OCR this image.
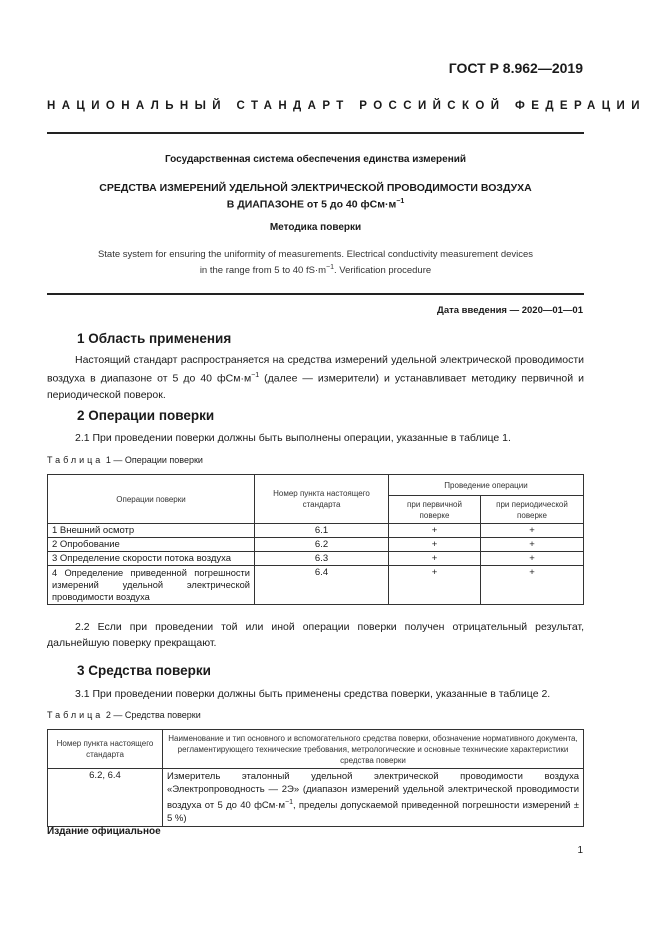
ГОСТ Р 8.962—2019
НАЦИОНАЛЬНЫЙ СТАНДАРТ РОССИЙСКОЙ ФЕДЕРАЦИИ
Государственная система обеспечения единства измерений
СРЕДСТВА ИЗМЕРЕНИЙ УДЕЛЬНОЙ ЭЛЕКТРИЧЕСКОЙ ПРОВОДИМОСТИ ВОЗДУХА
В ДИАПАЗОНЕ от 5 до 40 $фСм\cdot м^{-1}$
Методика поверки
State system for ensuring the uniformity of measurements. Electrical conductivity measurement devices
in the range from 5 to 40 $fS\cdot m^{-1}$. Verification procedure
Дата введения — 2020—01—01
1 Область применения
Настоящий стандарт распространяется на средства измерений удельной электрической проводимости воздуха в диапазоне от 5 до 40 $фСм\cdot м^{-1}$ (далее — измерители) и устанавливает методику первичной и периодической поверок.
2 Операции поверки
2.1 При проведении поверки должны быть выполнены операции, указанные в таблице 1.
Таблица 1 — Операции поверки
Операции поверки	Номер пункта настоящего стандарта	Проведение операции	
		при первичной поверке	при периодической поверке
1 Внешний осмотр	6.1	+	+
2 Опробование	6.2	+	+
3 Определение скорости потока воздуха	6.3	+	+
4 Определение приведенной погрешности измерений удельной электрической проводимости воздуха	6.4	+	+
2.2 Если при проведении той или иной операции поверки получен отрицательный результат, дальнейшую поверку прекращают.
3 Средства поверки
3.1 При проведении поверки должны быть применены средства поверки, указанные в таблице 2.
Таблица 2 — Средства поверки
Номер пункта настоящего стандарта	Наименование и тип основного и вспомогательного средства поверки, обозначение нормативного документа, регламентирующего технические требования, метрологические и основные технические характеристики средства поверки
6.2, 6.4	Измеритель эталонный удельной электрической проводимости воздуха «Электропроводность — 2Э» (диапазон измерений удельной электрической проводимости воздуха от 5 до 40 $фСм\cdot м^{-1}$, пределы допускаемой приведенной погрешности измерений ± 5 %)
Издание официальное
1
